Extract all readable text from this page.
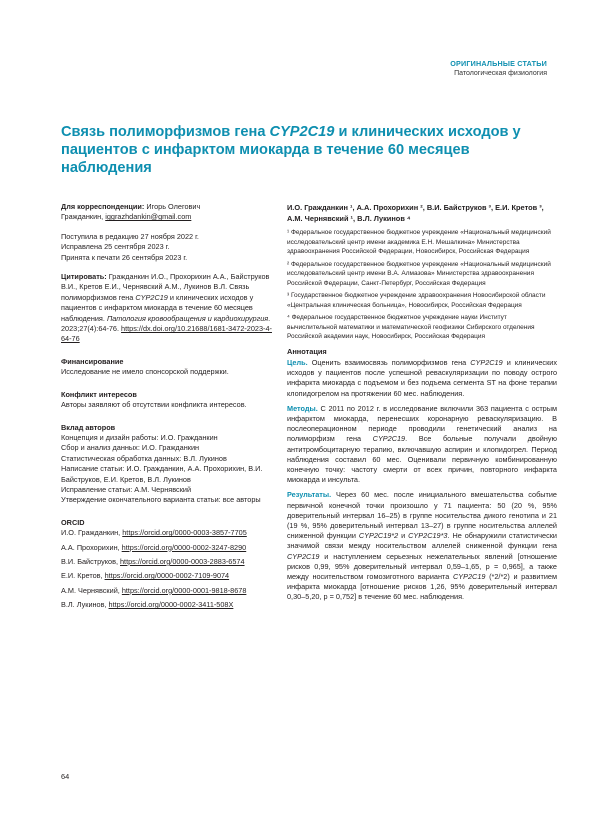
ОРИГИНАЛЬНЫЕ СТАТЬИ
Патологическая физиология
Связь полиморфизмов гена CYP2C19 и клинических исходов у пациентов с инфарктом миокарда в течение 60 месяцев наблюдения

Для корреспонденции: Игорь Олегович
Гражданкин, iggrazhdankin@gmail.com

Поступила в редакцию 27 ноября 2022 г.

Исправлена 25 сентября 2023 г.

Принята к печати 26 сентября 2023 г.

Цитировать: Гражданкин И.О., Прохорихин А.А., Байструков В.И., Кретов Е.И., Чернявский А.М., Лукинов В.Л. Связь полиморфизмов гена CYP2C19 и клинических исходов у пациентов с инфарктом миокарда в течение 60 месяцев наблюдения. Патология кровообращения и кардиохирургия. 2023;27(4):64-76. https://dx.doi.org/10.21688/1681-3472-2023-4-64-76

Финансирование

Исследование не имело спонсорской поддержки.

Конфликт интересов

Авторы заявляют об отсутствии конфликта интересов.

Вклад авторов

Концепция и дизайн работы: И.О. Гражданкин

Сбор и анализ данных: И.О. Гражданкин

Статистическая обработка данных: В.Л. Лукинов

Написание статьи: И.О. Гражданкин, А.А. Прохорихин, В.И. Байструков, Е.И. Кретов, В.Л. Лукинов

Исправление статьи: А.М. Чернявский

Утверждение окончательного варианта статьи: все авторы

ORCID

И.О. Гражданкин, https://orcid.org/0000-0003-3857-7705

А.А. Прохорихин, https://orcid.org/0000-0002-3247-8290

В.И. Байструков, https://orcid.org/0000-0003-2883-6574

Е.И. Кретов, https://orcid.org/0000-0002-7109-9074

А.М. Чернявский, https://orcid.org/0000-0001-9818-8678

В.Л. Лукинов, https://orcid.org/0000-0002-3411-508X

И.О. Гражданкин ¹, А.А. Прохорихин ², В.И. Байструков ³, Е.И. Кретов ³, А.М. Чернявский ¹, В.Л. Лукинов ⁴

¹ Федеральное государственное бюджетное учреждение «Национальный медицинский исследовательский центр имени академика Е.Н. Мешалкина» Министерства здравоохранения Российской Федерации, Новосибирск, Российская Федерация

² Федеральное государственное бюджетное учреждение «Национальный медицинский исследовательский центр имени В.А. Алмазова» Министерства здравоохранения Российской Федерации, Санкт-Петербург, Российская Федерация

³ Государственное бюджетное учреждение здравоохранения Новосибирской области «Центральная клиническая больница», Новосибирск, Российская Федерация

⁴ Федеральное государственное бюджетное учреждение науки Институт вычислительной математики и математической геофизики Сибирского отделения Российской академии наук, Новосибирск, Российская Федерация

Аннотация

Цель. Оценить взаимосвязь полиморфизмов гена CYP2C19 и клинических исходов у пациентов после успешной реваскуляризации по поводу острого инфаркта миокарда с подъемом и без подъема сегмента ST на фоне терапии клопидогрелом на протяжении 60 мес. наблюдения.

Методы. С 2011 по 2012 г. в исследование включили 363 пациента с острым инфарктом миокарда, перенесших коронарную реваскуляризацию. В послеоперационном периоде проводили генетический анализ на полиморфизм гена CYP2C19. Все больные получали двойную антитромбоцитарную терапию, включавшую аспирин и клопидогрел. Период наблюдения составил 60 мес. Оценивали первичную комбинированную конечную точку: частоту смерти от всех причин, повторного инфаркта миокарда и инсульта.

Результаты. Через 60 мес. после инициального вмешательства событие первичной конечной точки произошло у 71 пациента: 50 (20 %, 95% доверительный интервал 16–25) в группе носительства дикого генотипа и 21 (19 %, 95% доверительный интервал 13–27) в группе носительства аллелей сниженной функции CYP2C19*2 и CYP2C19*3. Не обнаружили статистически значимой связи между носительством аллелей сниженной функции гена CYP2C19 и наступлением серьезных нежелательных явлений [отношение рисков 0,99, 95% доверительный интервал 0,59–1,65, p = 0,965], а также между носительством гомозиготного варианта CYP2C19 (*2/*2) и развитием инфаркта миокарда [отношение рисков 1,26, 95% доверительный интервал 0,30–5,20, p = 0,752] в течение 60 мес. наблюдения.

64
